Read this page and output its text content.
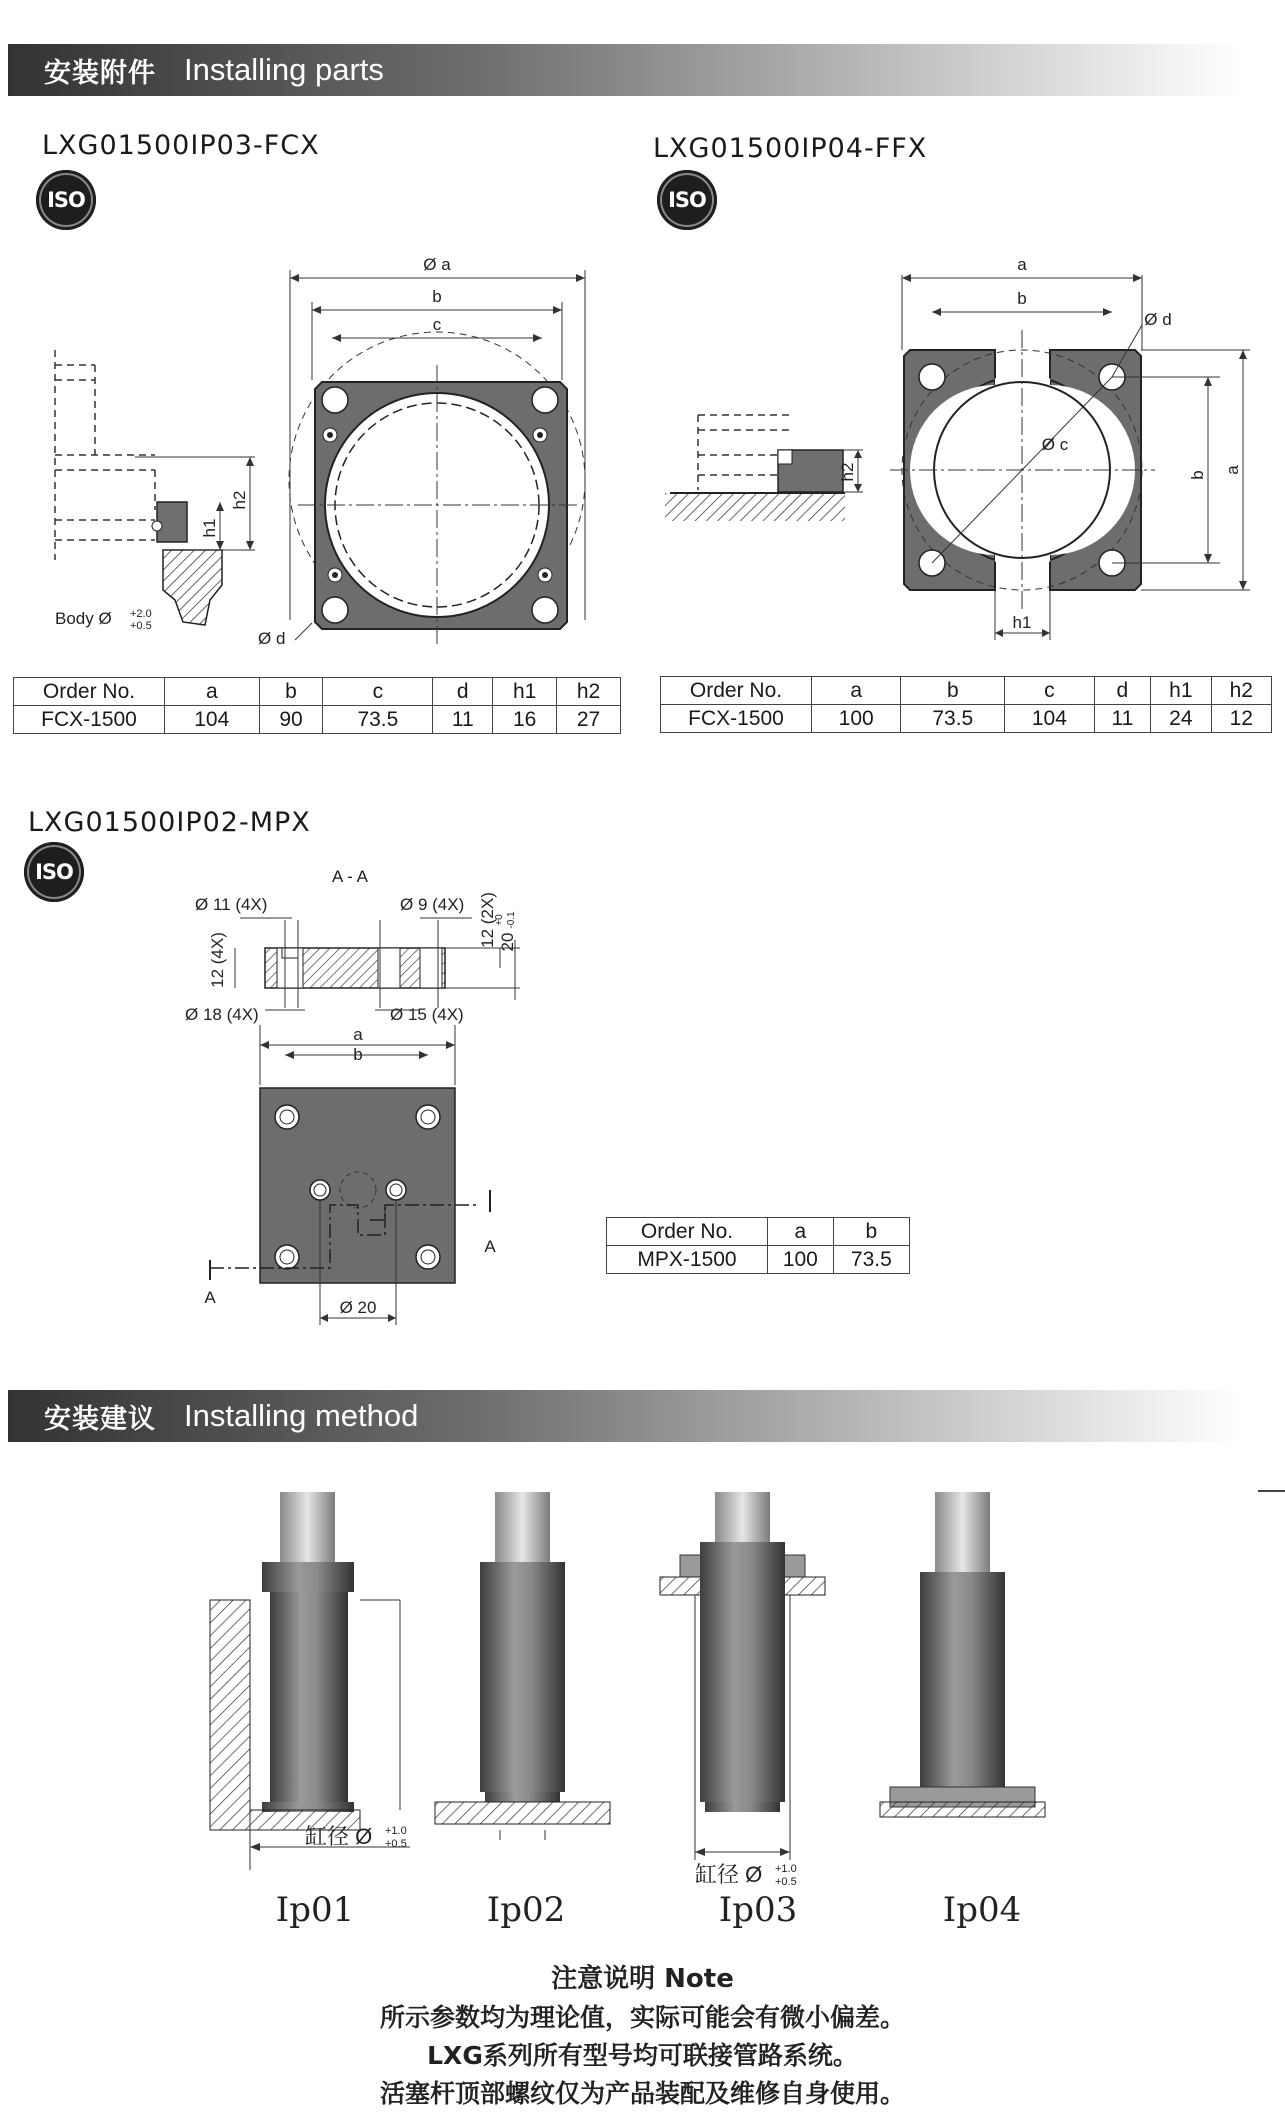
安装附件 Installing parts
LXG01500IP03-FCX
ISO
h2
h1
Body Ø +2.0
+0.5
Ø a
b
c
Ø d
Order No.	a	b	c	d	h1	h2
FCX-1500	104	90	73.5	11	16	27
LXG01500IP04-FFX
ISO
h2
a
b
Ø d
Ø c
b
a
h1
Order No.	a	b	c	d	h1	h2
FCX-1500	100	73.5	104	11	24	12
LXG01500IP02-MPX
ISO	A - A
Ø 11 (4X)	Ø 9 (4X) 12 (2X) 20
+0 -0.1
12 (4X)
Ø 18 (4X)	Ø 15 (4X)
a
b
A
A
Ø 20
Order No.	a	b
MPX-1500	100	73.5
安装建议 Installing method
缸径 Ø +1.0
+0.5
缸径 Ø +1.0
+0.5
Ip01	Ip02	Ip03	Ip04
注意说明 Note
所示参数均为理论值，实际可能会有微小偏差。
LXG系列所有型号均可联接管路系统。
活塞杆顶部螺纹仅为产品装配及维修自身使用。
